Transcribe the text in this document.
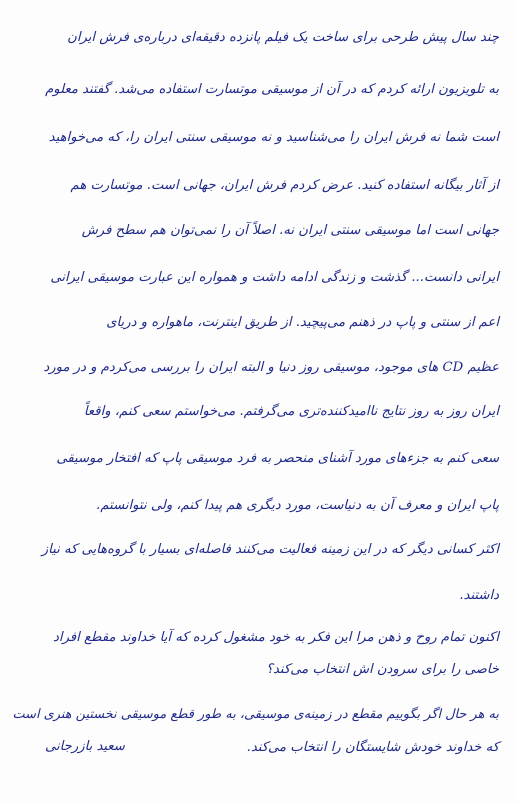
چند سال پیش طرحی برای ساخت یک فیلم پانزده دقیقه‌ای درباره‌ی فرش ایران
به تلویزیون ارائه کردم که در آن از موسیقی موتسارت استفاده می‌شد. گفتند معلوم
است شما نه فرش ایران را می‌شناسید و نه موسیقی سنتی ایران را، که می‌خواهید
از آثار بیگانه استفاده کنید. عرض کردم فرش ایران، جهانی است. موتسارت هم
جهانی است اما موسیقی سنتی ایران نه. اصلاً آن را نمی‌توان هم سطح فرش
ایرانی دانست... گذشت و زندگی ادامه داشت و همواره این عبارت موسیقی ایرانی
اعم از سنتی و پاپ در ذهنم می‌پیچید. از طریق اینترنت، ماهواره و دریای
عظیم CD های موجود، موسیقی روز دنیا و البته ایران را بررسی می‌کردم و در مورد
ایران روز به روز نتایج ناامیدکننده‌تری می‌گرفتم. می‌خواستم سعی کنم، واقعاً
سعی کنم به جزءهای مورد آشنای منحصر به فرد موسیقی پاپ که افتخار موسیقی
پاپ ایران و معرف آن به دنیاست، مورد دیگری هم پیدا کنم، ولی نتوانستم.
اکثر کسانی دیگر که در این زمینه فعالیت می‌کنند فاصله‌ای بسیار با گروه‌هایی که نیاز
داشتند.
اکنون تمام روح و ذهن مرا این فکر به خود مشغول کرده که آیا خداوند مقطع افراد
خاصی را برای سرودن اش انتخاب می‌کند؟
به هر حال اگر بگوییم مقطع در زمینه‌ی موسیقی، به طور قطع موسیقی نخستین هنری است
که خداوند خودش شایستگان را انتخاب می‌کند.
سعید بازرجانی
